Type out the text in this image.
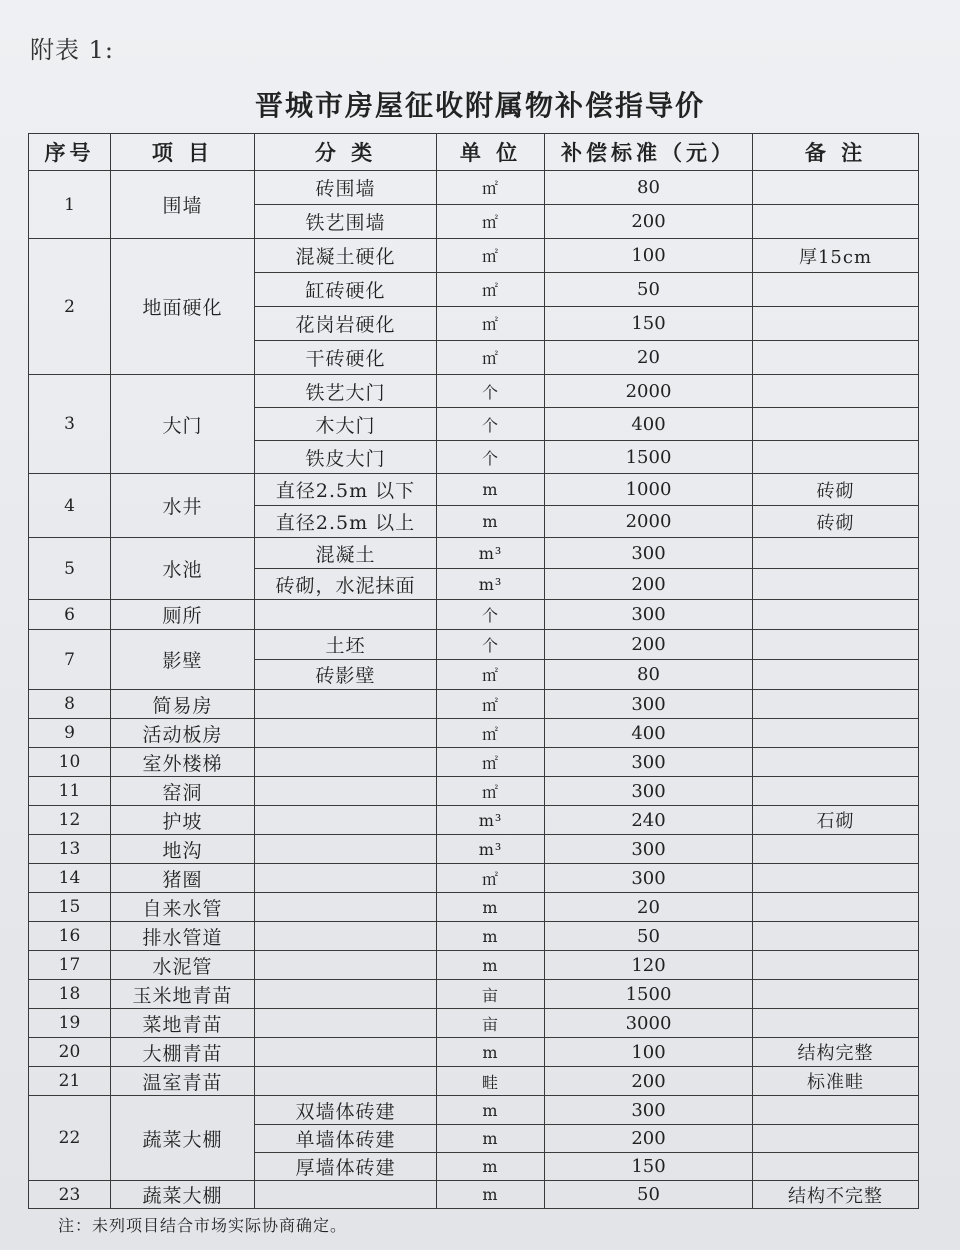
附表 1:
晋城市房屋征收附属物补偿指导价
序号	项 目	分 类	单 位	补偿标准（元）	备 注
1	围墙	砖围墙	㎡	80	
		铁艺围墙	㎡	200	
2	地面硬化	混凝土硬化	㎡	100	厚15cm
		缸砖硬化	㎡	50	
		花岗岩硬化	㎡	150	
		干砖硬化	㎡	20	
3	大门	铁艺大门	个	2000	
		木大门	个	400	
		铁皮大门	个	1500	
4	水井	直径2.5m 以下	m	1000	砖砌
		直径2.5m 以上	m	2000	砖砌
5	水池	混凝土	m³	300	
		砖砌，水泥抹面	m³	200	
6	厕所		个	300	
7	影壁	土坯	个	200	
		砖影壁	㎡	80	
8	简易房		㎡	300	
9	活动板房		㎡	400	
10	室外楼梯		㎡	300	
11	窑洞		㎡	300	
12	护坡		m³	240	石砌
13	地沟		m³	300	
14	猪圈		㎡	300	
15	自来水管		m	20	
16	排水管道		m	50	
17	水泥管		m	120	
18	玉米地青苗		亩	1500	
19	菜地青苗		亩	3000	
20	大棚青苗		m	100	结构完整
21	温室青苗		畦	200	标准畦
22	蔬菜大棚	双墙体砖建	m	300	
		单墙体砖建	m	200	
		厚墙体砖建	m	150	
23	蔬菜大棚		m	50	结构不完整
注：未列项目结合市场实际协商确定。
